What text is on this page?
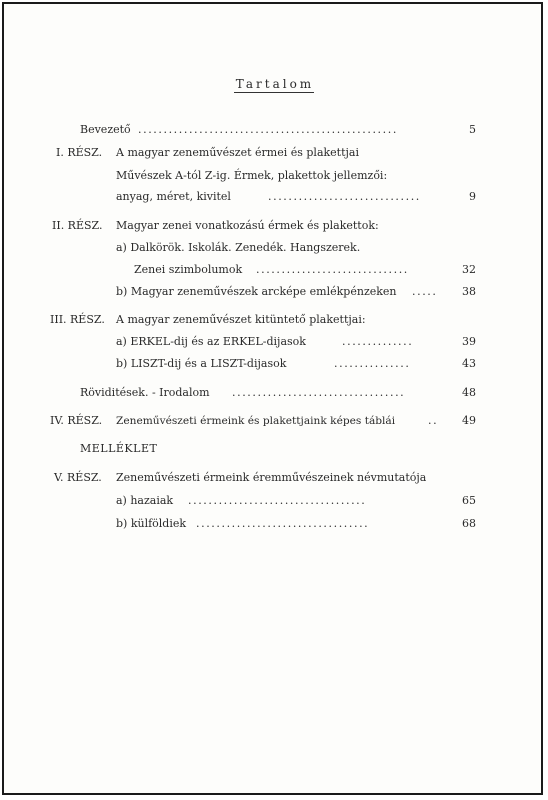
Tartalom
Bevezető ...................................................	5
I. RÉSZ. A magyar zeneművészet érmei és plakettjai
Művészek A-tól Z-ig. Érmek, plakettok jellemzői:
anyag, méret, kivitel	..............................	9
II. RÉSZ. Magyar zenei vonatkozású érmek és plakettok:
a) Dalkörök. Iskolák. Zenedék. Hangszerek.
Zenei szimbolumok ..............................	32
b) Magyar zeneművészek arcképe emlékpénzeken .....	38
III. RÉSZ. A magyar zeneművészet kitüntető plakettjai:
a) ERKEL-dij és az ERKEL-dijasok	..............	39
b) LISZT-dij és a LISZT-dijasok	...............	43
Röviditések. - Irodalom ..................................	48
IV. RÉSZ. Zeneművészeti érmeink és plakettjaink képes táblái	..	49
MELLÉKLET
V. RÉSZ. Zeneművészeti érmeink éremművészeinek névmutatója
a) hazaiak ...................................	65
b) külföldiek ..................................	68
